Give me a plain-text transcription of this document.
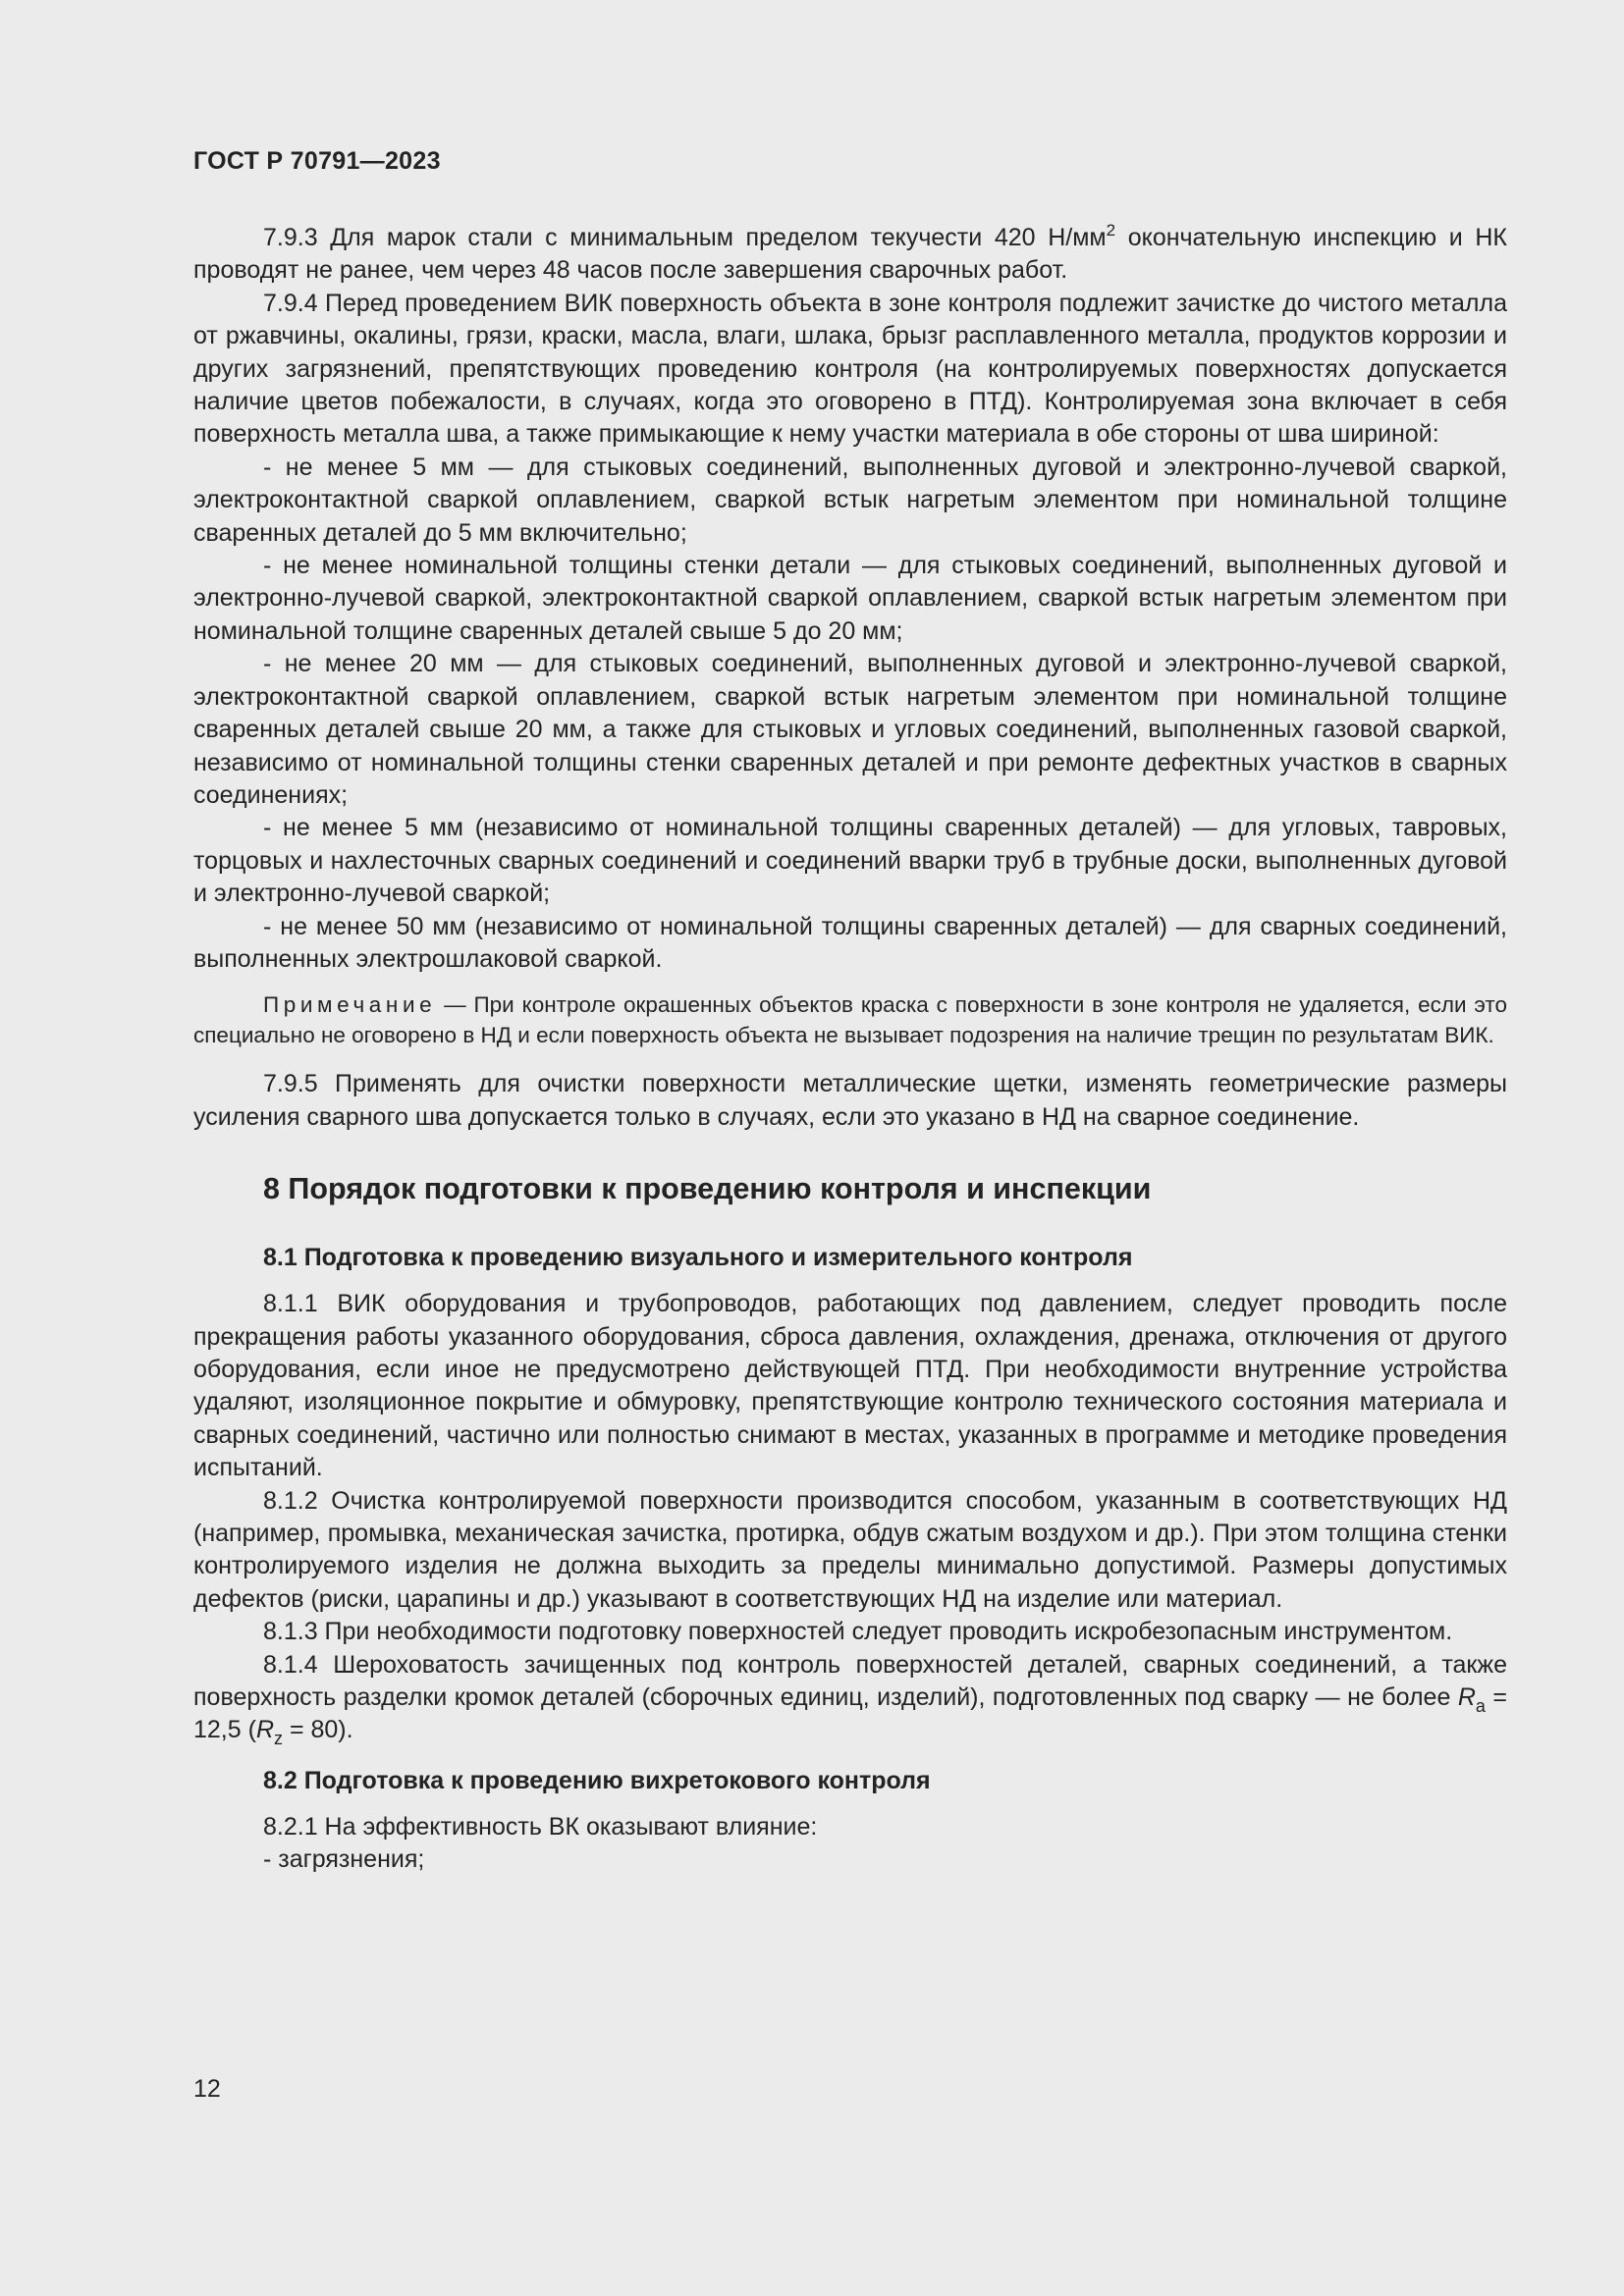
ГОСТ Р 70791—2023

7.9.3 Для марок стали с минимальным пределом текучести 420 $Н/мм^2$ окончательную инспекцию и НК проводят не ранее, чем через 48 часов после завершения сварочных работ.

7.9.4 Перед проведением ВИК поверхность объекта в зоне контроля подлежит зачистке до чистого металла от ржавчины, окалины, грязи, краски, масла, влаги, шлака, брызг расплавленного металла, продуктов коррозии и других загрязнений, препятствующих проведению контроля (на контролируемых поверхностях допускается наличие цветов побежалости, в случаях, когда это оговорено в ПТД). Контролируемая зона включает в себя поверхность металла шва, а также примыкающие к нему участки материала в обе стороны от шва шириной:

- не менее 5 мм — для стыковых соединений, выполненных дуговой и электронно-лучевой сваркой, электроконтактной сваркой оплавлением, сваркой встык нагретым элементом при номинальной толщине сваренных деталей до 5 мм включительно;

- не менее номинальной толщины стенки детали — для стыковых соединений, выполненных дуговой и электронно-лучевой сваркой, электроконтактной сваркой оплавлением, сваркой встык нагретым элементом при номинальной толщине сваренных деталей свыше 5 до 20 мм;

- не менее 20 мм — для стыковых соединений, выполненных дуговой и электронно-лучевой сваркой, электроконтактной сваркой оплавлением, сваркой встык нагретым элементом при номинальной толщине сваренных деталей свыше 20 мм, а также для стыковых и угловых соединений, выполненных газовой сваркой, независимо от номинальной толщины стенки сваренных деталей и при ремонте дефектных участков в сварных соединениях;

- не менее 5 мм (независимо от номинальной толщины сваренных деталей) — для угловых, тавровых, торцовых и нахлесточных сварных соединений и соединений вварки труб в трубные доски, выполненных дуговой и электронно-лучевой сваркой;

- не менее 50 мм (независимо от номинальной толщины сваренных деталей) — для сварных соединений, выполненных электрошлаковой сваркой.

Примечание — При контроле окрашенных объектов краска с поверхности в зоне контроля не удаляется, если это специально не оговорено в НД и если поверхность объекта не вызывает подозрения на наличие трещин по результатам ВИК.

7.9.5 Применять для очистки поверхности металлические щетки, изменять геометрические размеры усиления сварного шва допускается только в случаях, если это указано в НД на сварное соединение.

8 Порядок подготовки к проведению контроля и инспекции
8.1 Подготовка к проведению визуального и измерительного контроля

8.1.1 ВИК оборудования и трубопроводов, работающих под давлением, следует проводить после прекращения работы указанного оборудования, сброса давления, охлаждения, дренажа, отключения от другого оборудования, если иное не предусмотрено действующей ПТД. При необходимости внутренние устройства удаляют, изоляционное покрытие и обмуровку, препятствующие контролю технического состояния материала и сварных соединений, частично или полностью снимают в местах, указанных в программе и методике проведения испытаний.

8.1.2 Очистка контролируемой поверхности производится способом, указанным в соответствующих НД (например, промывка, механическая зачистка, протирка, обдув сжатым воздухом и др.). При этом толщина стенки контролируемого изделия не должна выходить за пределы минимально допустимой. Размеры допустимых дефектов (риски, царапины и др.) указывают в соответствующих НД на изделие или материал.

8.1.3 При необходимости подготовку поверхностей следует проводить искробезопасным инструментом.

8.1.4 Шероховатость зачищенных под контроль поверхностей деталей, сварных соединений, а также поверхность разделки кромок деталей (сборочных единиц, изделий), подготовленных под сварку — не более $R_a = 12,5$ $(R_z = 80)$.

8.2 Подготовка к проведению вихретокового контроля

8.2.1 На эффективность ВК оказывают влияние:

- загрязнения;

12
